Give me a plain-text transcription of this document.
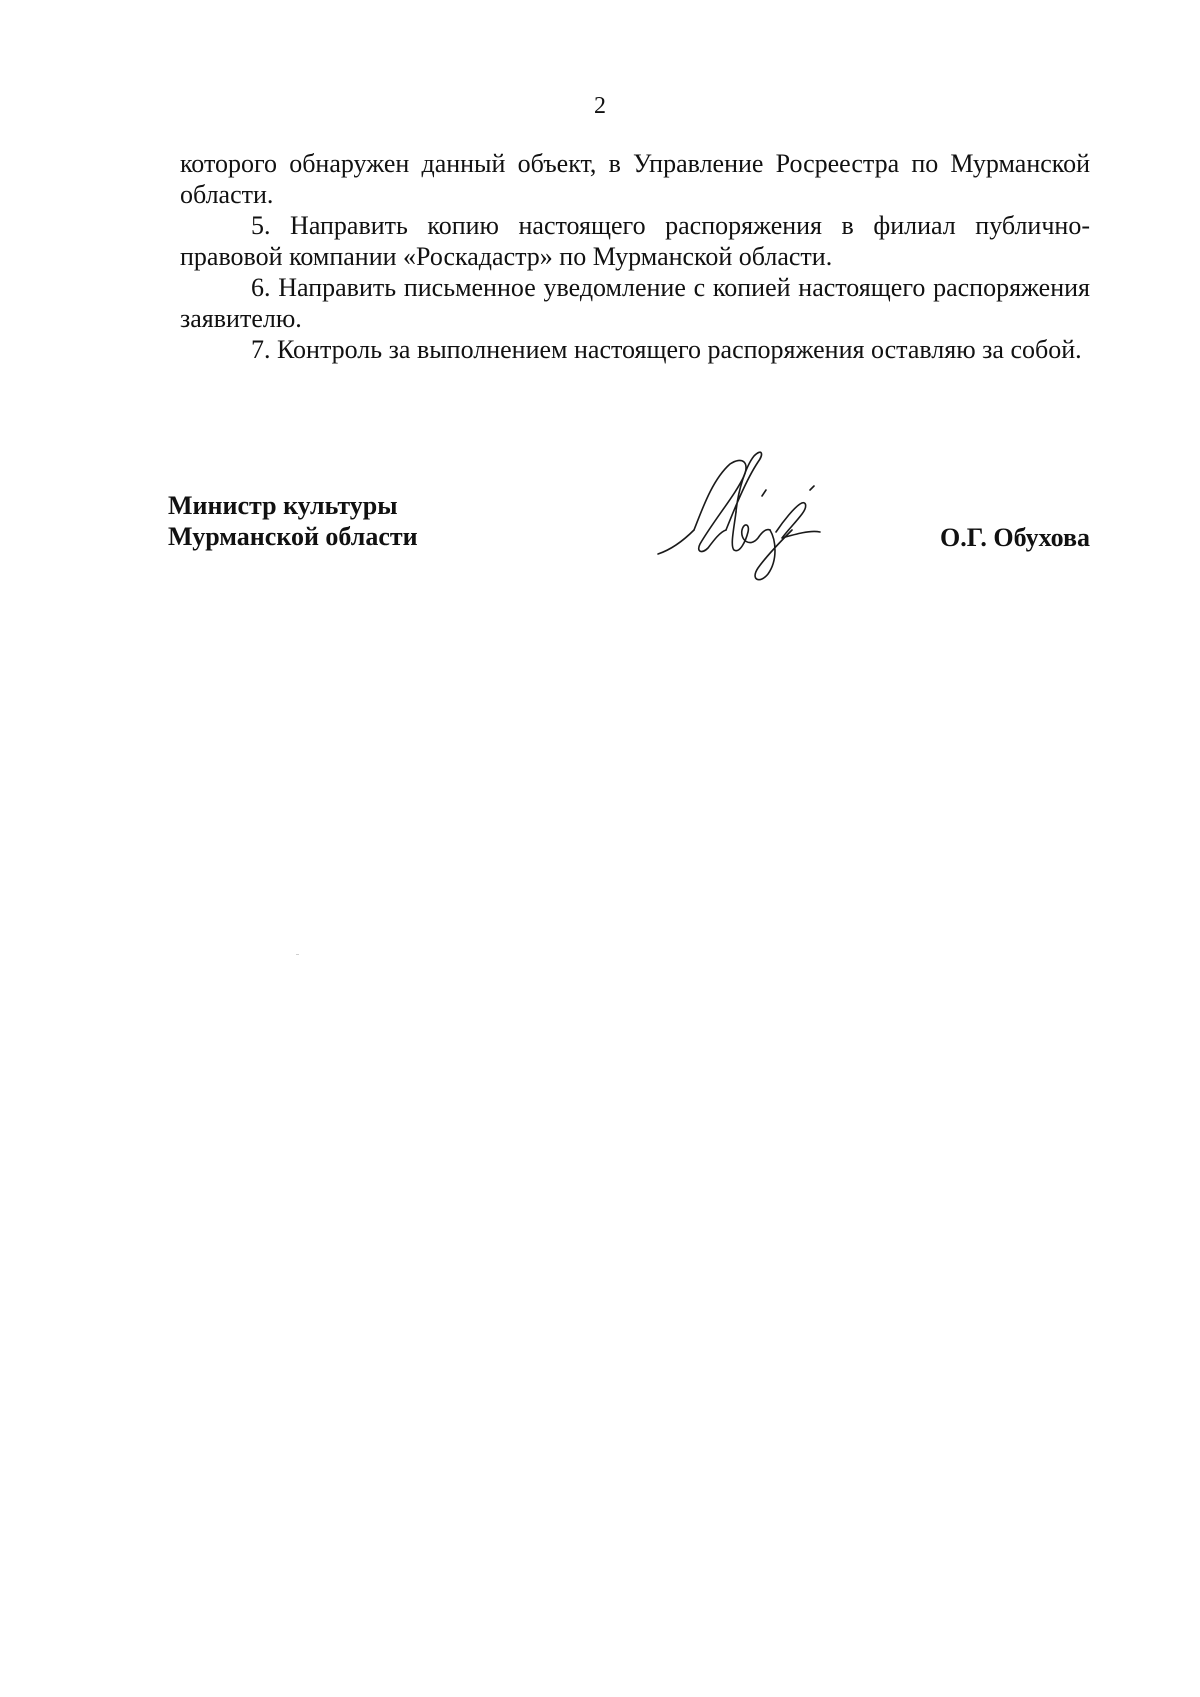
2

которого обнаружен данный объект, в Управление Росреестра по Мурманской области.

5. Направить копию настоящего распоряжения в филиал публично-правовой компании «Роскадастр» по Мурманской области.

6. Направить письменное уведомление с копией настоящего распоряжения заявителю.

7. Контроль за выполнением настоящего распоряжения оставляю за собой.

Министр культуры
Мурманской области	О.Г. Обухова
